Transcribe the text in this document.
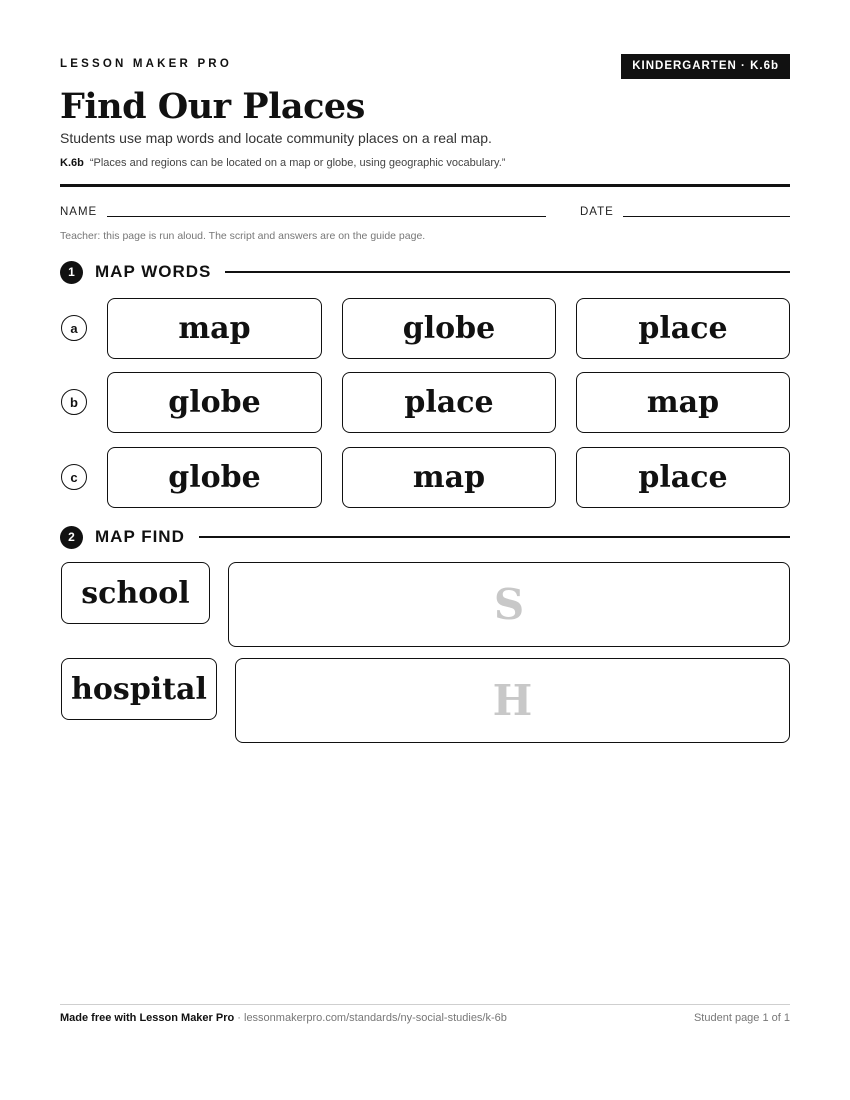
LESSON MAKER PRO	KINDERGARTEN · K.6b
Find Our Places
Students use map words and locate community places on a real map.
K.6b “Places and regions can be located on a map or globe, using geographic vocabulary.”
NAME	DATE
Teacher: this page is run aloud. The script and answers are on the guide page.
1	MAP WORDS
a	map	globe	place
b	globe	place	map
c	globe	map	place
2	MAP FIND
school	S
hospital	H
Made free with Lesson Maker Pro · lessonmakerpro.com/standards/ny-social-studies/k-6b	Student page 1 of 1
